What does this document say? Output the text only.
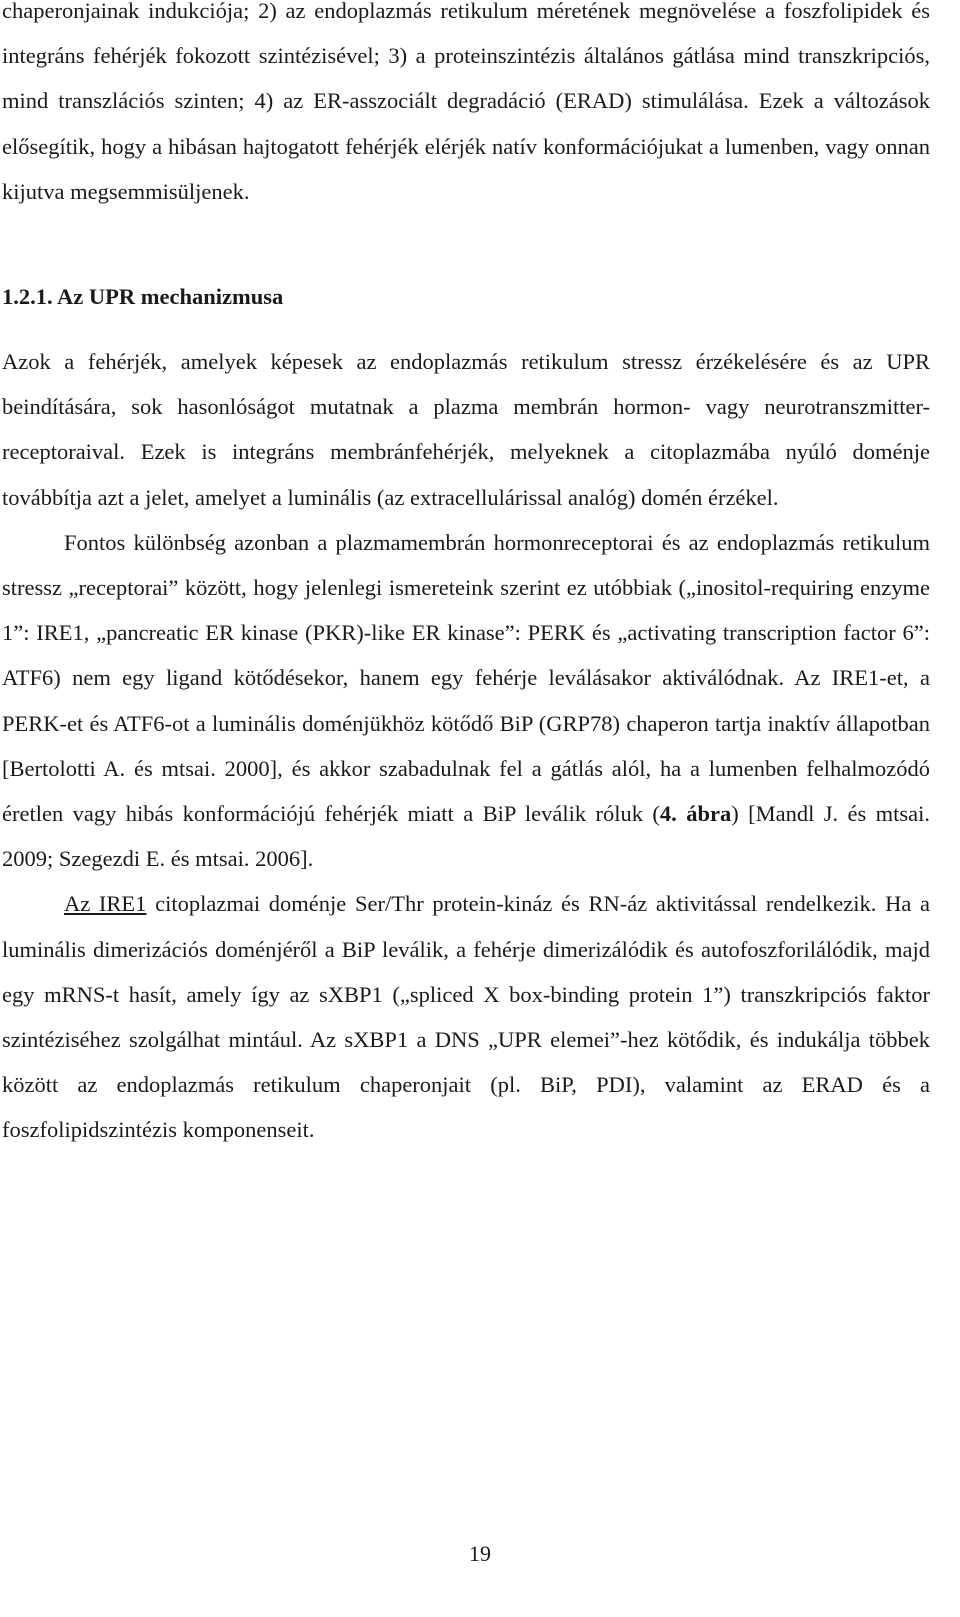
chaperonjainak indukciója; 2) az endoplazmás retikulum méretének megnövelése a foszfolipidek és integráns fehérjék fokozott szintézisével; 3) a proteinszintézis általános gátlása mind transzkripciós, mind transzlációs szinten; 4) az ER-asszociált degradáció (ERAD) stimulálása. Ezek a változások elősegítik, hogy a hibásan hajtogatott fehérjék elérjék natív konformációjukat a lumenben, vagy onnan kijutva megsemmisüljenek.

1.2.1. Az UPR mechanizmusa

Azok a fehérjék, amelyek képesek az endoplazmás retikulum stressz érzékelésére és az UPR beindítására, sok hasonlóságot mutatnak a plazma membrán hormon- vagy neurotranszmitter-receptoraival. Ezek is integráns membránfehérjék, melyeknek a citoplazmába nyúló doménje továbbítja azt a jelet, amelyet a luminális (az extracellulárissal analóg) domén érzékel.

Fontos különbség azonban a plazmamembrán hormonreceptorai és az endoplazmás retikulum stressz „receptorai” között, hogy jelenlegi ismereteink szerint ez utóbbiak („inositol-requiring enzyme 1”: IRE1, „pancreatic ER kinase (PKR)-like ER kinase”: PERK és „activating transcription factor 6”: ATF6) nem egy ligand kötődésekor, hanem egy fehérje leválásakor aktiválódnak. Az IRE1-et, a PERK-et és ATF6-ot a luminális doménjükhöz kötődő BiP (GRP78) chaperon tartja inaktív állapotban [Bertolotti A. és mtsai. 2000], és akkor szabadulnak fel a gátlás alól, ha a lumenben felhalmozódó éretlen vagy hibás konformációjú fehérjék miatt a BiP leválik róluk (4. ábra) [Mandl J. és mtsai. 2009; Szegezdi E. és mtsai. 2006].

Az IRE1 citoplazmai doménje Ser/Thr protein-kináz és RN-áz aktivitással rendelkezik. Ha a luminális dimerizációs doménjéről a BiP leválik, a fehérje dimerizálódik és autofoszforilálódik, majd egy mRNS-t hasít, amely így az sXBP1 („spliced X box-binding protein 1”) transzkripciós faktor szintéziséhez szolgálhat mintául. Az sXBP1 a DNS „UPR elemei”-hez kötődik, és indukálja többek között az endoplazmás retikulum chaperonjait (pl. BiP, PDI), valamint az ERAD és a foszfolipidszintézis komponenseit.

19
